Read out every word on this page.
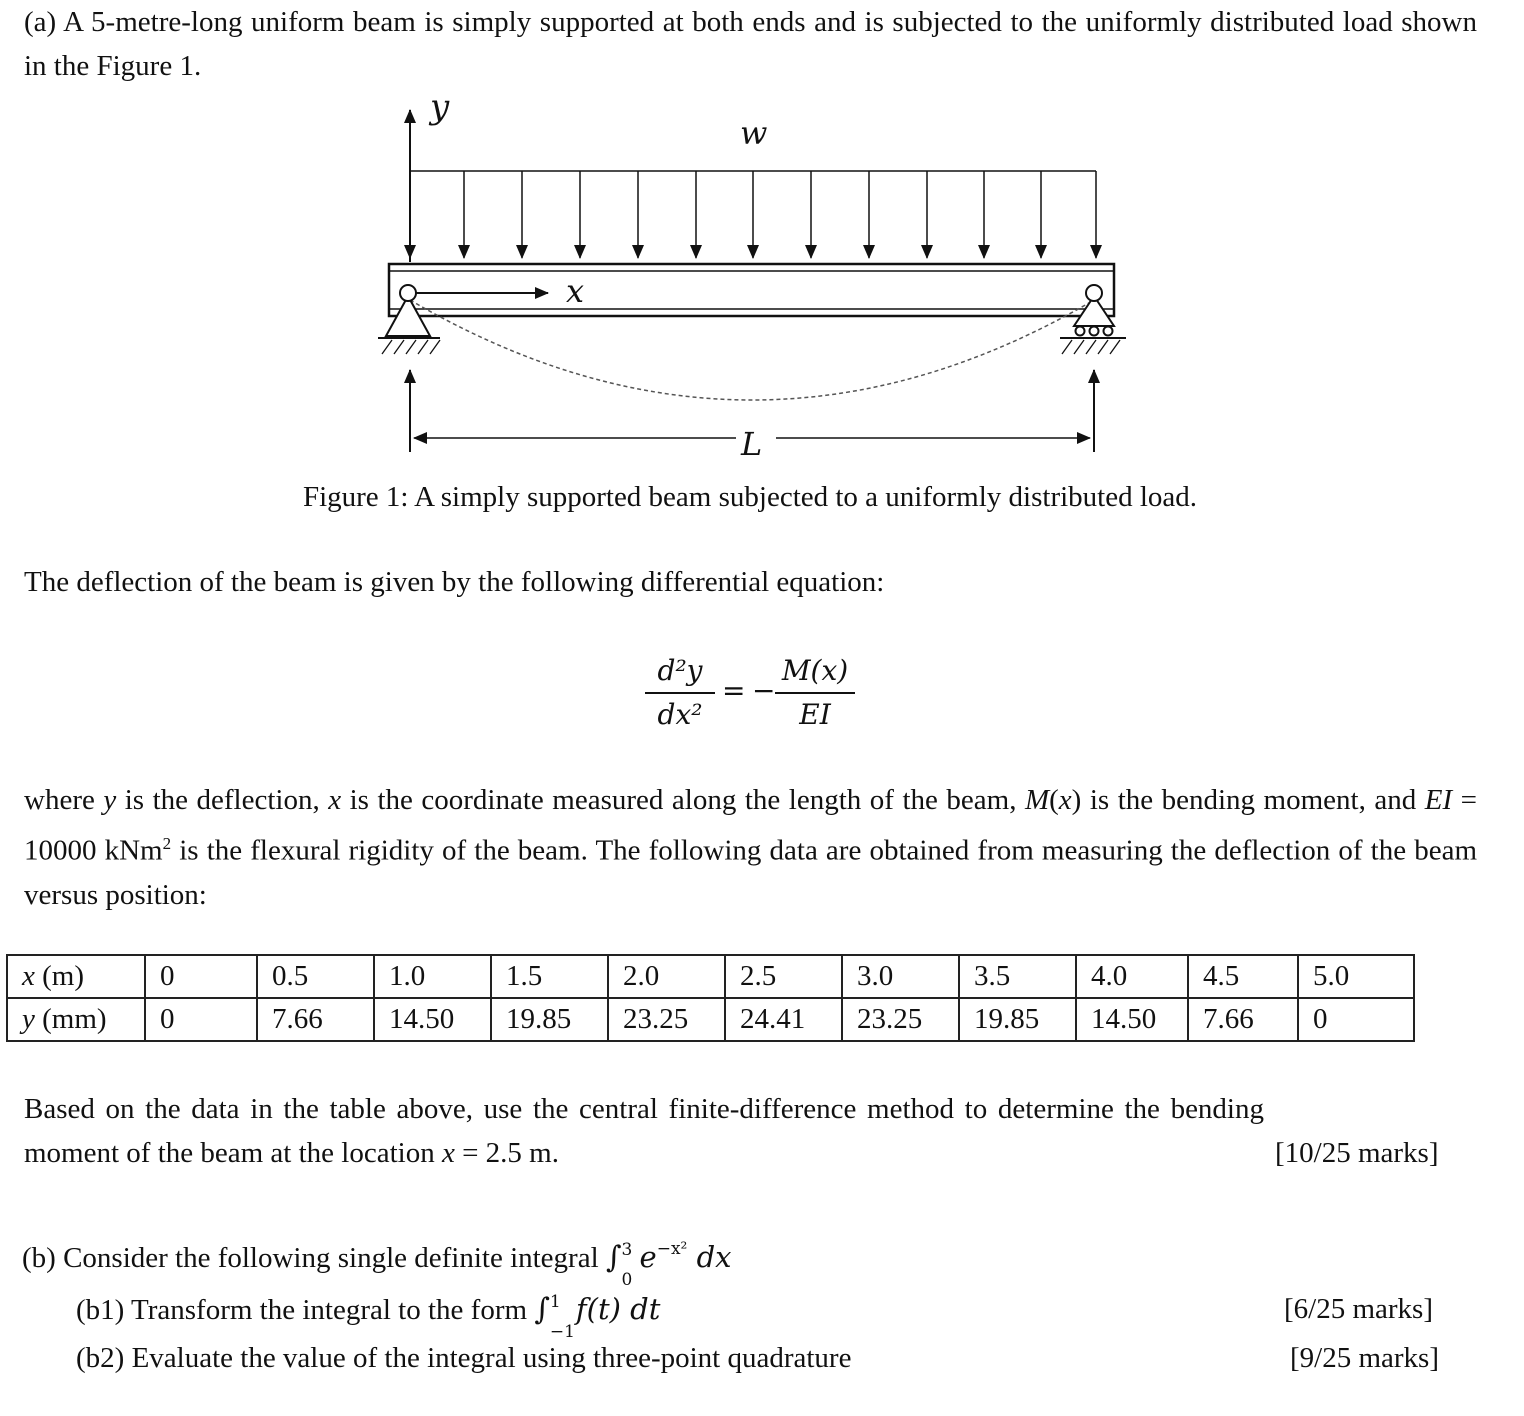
(a) A 5-metre-long uniform beam is simply supported at both ends and is subjected to the uniformly distributed load shown in the Figure 1.
y
w
x
L
Figure 1: A simply supported beam subjected to a uniformly distributed load.
The deflection of the beam is given by the following differential equation:
d²y
dx²
= −
M(x)
EI
where y is the deflection, x is the coordinate measured along the length of the beam, M(x) is the bending moment, and EI = 10000 kNm$^2$ is the flexural rigidity of the beam. The following data are obtained from measuring the deflection of the beam versus position:
x (m)	0	0.5	1.0	1.5	2.0	2.5	3.0	3.5	4.0	4.5	5.0
y (mm)	0	7.66	14.50	19.85	23.25	24.41	23.25	19.85	14.50	7.66	0
Based on the data in the table above, use the central finite-difference method to determine the bending moment of the beam at the location x = 2.5 m.	[10/25 marks]
(b) Consider the following single definite integral ∫ 3
0
$e^{-x^2}$ dx
(b1) Transform the integral to the form ∫ 1
−1
f(t) dt	[6/25 marks]
(b2) Evaluate the value of the integral using three-point quadrature	[9/25 marks]
